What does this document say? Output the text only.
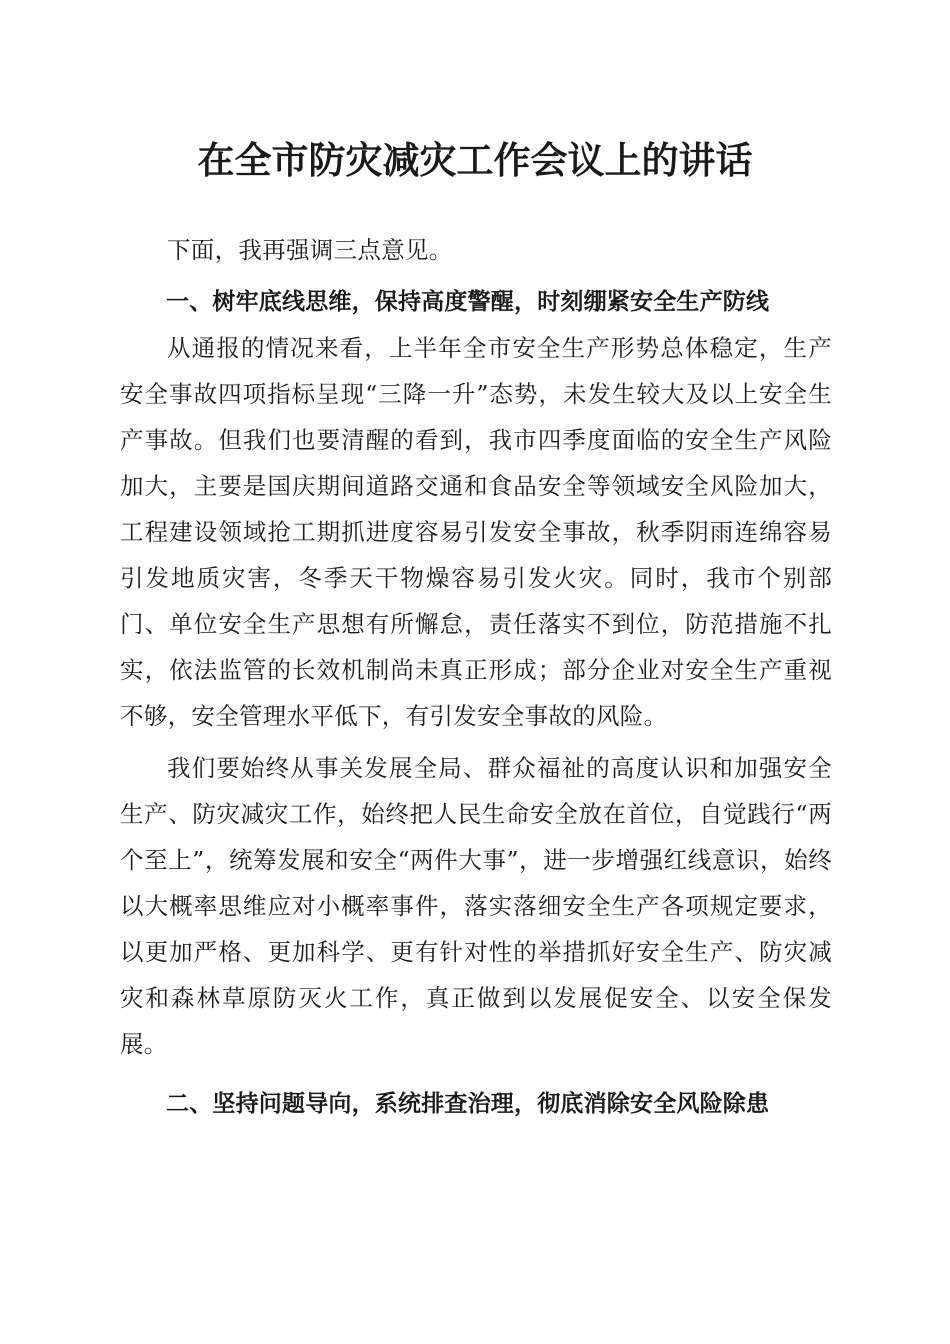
在全市防灾减灾工作会议上的讲话

下面，我再强调三点意见。

一、树牢底线思维，保持高度警醒，时刻绷紧安全生产防线

从通报的情况来看，上半年全市安全生产形势总体稳定，生产安全事故四项指标呈现“三降一升”态势，未发生较大及以上安全生产事故。但我们也要清醒的看到，我市四季度面临的安全生产风险加大，主要是国庆期间道路交通和食品安全等领域安全风险加大，工程建设领域抢工期抓进度容易引发安全事故，秋季阴雨连绵容易引发地质灾害，冬季天干物燥容易引发火灾。同时，我市个别部门、单位安全生产思想有所懈怠，责任落实不到位，防范措施不扎实，依法监管的长效机制尚未真正形成；部分企业对安全生产重视不够，安全管理水平低下，有引发安全事故的风险。

我们要始终从事关发展全局、群众福祉的高度认识和加强安全生产、防灾减灾工作，始终把人民生命安全放在首位，自觉践行“两个至上”，统筹发展和安全“两件大事”，进一步增强红线意识，始终以大概率思维应对小概率事件，落实落细安全生产各项规定要求，以更加严格、更加科学、更有针对性的举措抓好安全生产、防灾减灾和森林草原防灭火工作，真正做到以发展促安全、以安全保发展。

二、坚持问题导向，系统排查治理，彻底消除安全风险除患
